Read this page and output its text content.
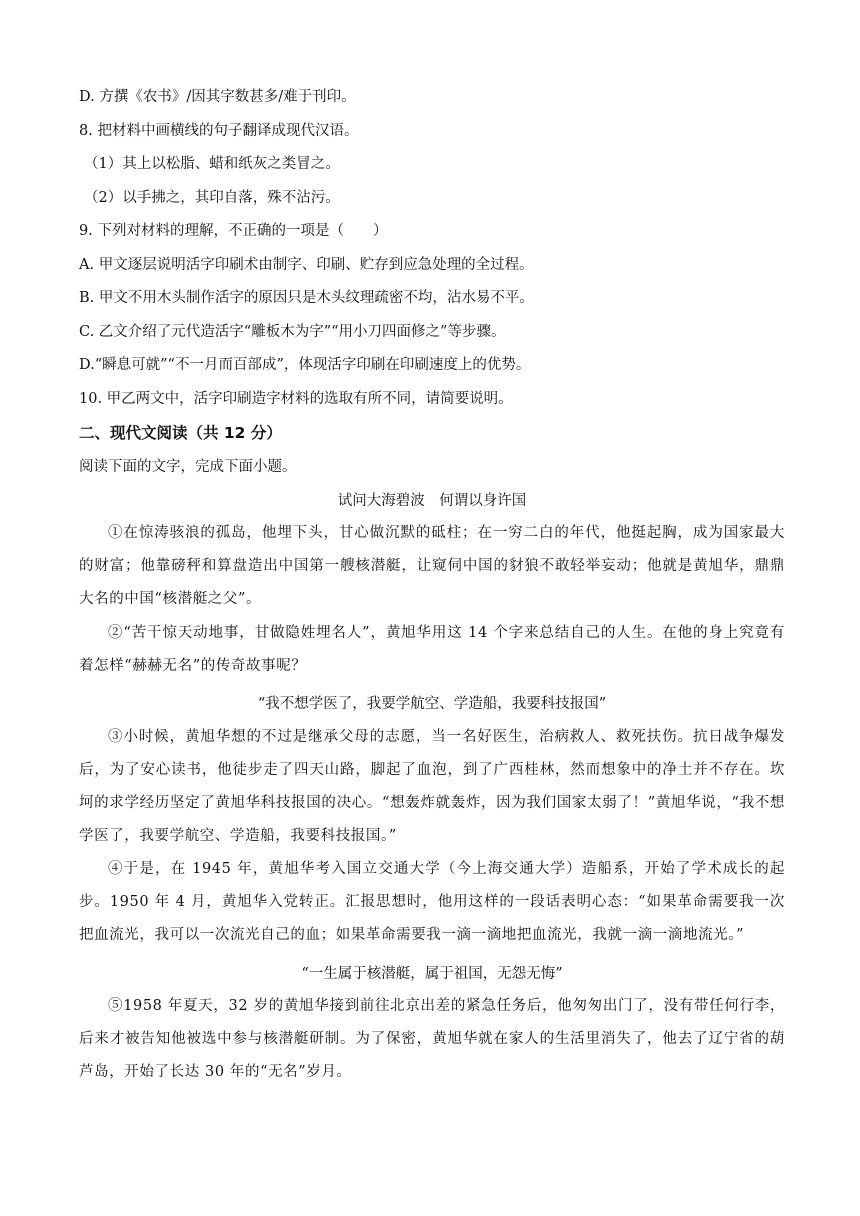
D. 方撰《农书》/因其字数甚多/难于刊印。
8. 把材料中画横线的句子翻译成现代汉语。
（1）其上以松脂、蜡和纸灰之类冒之。
（2）以手拂之，其印自落，殊不沾污。
9. 下列对材料的理解，不正确的一项是（　　）
A. 甲文逐层说明活字印刷术由制字、印刷、贮存到应急处理的全过程。
B. 甲文不用木头制作活字的原因只是木头纹理疏密不均，沾水易不平。
C. 乙文介绍了元代造活字“雕板木为字”“用小刀四面修之”等步骤。
D.“瞬息可就”“不一月而百部成”，体现活字印刷在印刷速度上的优势。
10. 甲乙两文中，活字印刷造字材料的选取有所不同，请简要说明。
二、现代文阅读（共 12 分）
阅读下面的文字，完成下面小题。
试问大海碧波　何谓以身许国
①在惊涛骇浪的孤岛，他埋下头，甘心做沉默的砥柱；在一穷二白的年代，他挺起胸，成为国家最大的财富；他靠磅秤和算盘造出中国第一艘核潜艇，让窥伺中国的豺狼不敢轻举妄动；他就是黄旭华，鼎鼎大名的中国“核潜艇之父”。
②“苦干惊天动地事，甘做隐姓埋名人”，黄旭华用这 14 个字来总结自己的人生。在他的身上究竟有着怎样“赫赫无名”的传奇故事呢？
“我不想学医了，我要学航空、学造船，我要科技报国”
③小时候，黄旭华想的不过是继承父母的志愿，当一名好医生，治病救人、救死扶伤。抗日战争爆发后，为了安心读书，他徒步走了四天山路，脚起了血泡，到了广西桂林，然而想象中的净土并不存在。坎坷的求学经历坚定了黄旭华科技报国的决心。“想轰炸就轰炸，因为我们国家太弱了！”黄旭华说，“我不想学医了，我要学航空、学造船，我要科技报国。”
④于是，在 1945 年，黄旭华考入国立交通大学（今上海交通大学）造船系，开始了学术成长的起步。1950 年 4 月，黄旭华入党转正。汇报思想时，他用这样的一段话表明心态：“如果革命需要我一次把血流光，我可以一次流光自己的血；如果革命需要我一滴一滴地把血流光，我就一滴一滴地流光。”
“一生属于核潜艇，属于祖国，无怨无悔”
⑤1958 年夏天，32 岁的黄旭华接到前往北京出差的紧急任务后，他匆匆出门了，没有带任何行李，后来才被告知他被选中参与核潜艇研制。为了保密，黄旭华就在家人的生活里消失了，他去了辽宁省的葫芦岛，开始了长达 30 年的“无名”岁月。
